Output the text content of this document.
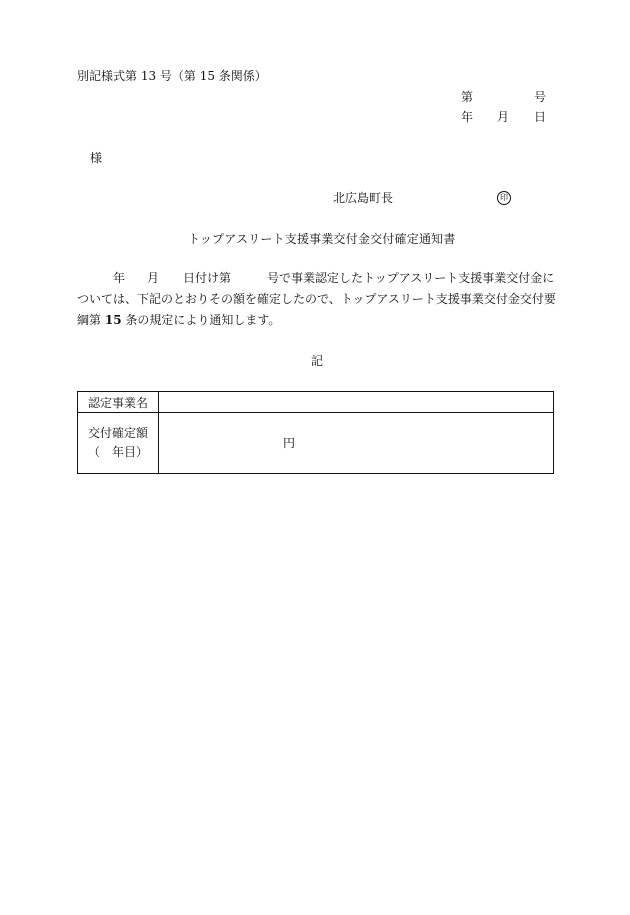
別記様式第 13 号（第 15 条関係）
第	号
年 月 日
様
北広島町長	印
トップアスリート支援事業交付金交付確定通知書
年 月 日付け第	号で事業認定したトップアスリート支援事業交付金に
ついては、下記のとおりその額を確定したので、トップアスリート支援事業交付金交付要
綱第 15 条の規定により通知します。
記
認定事業名	

交付確定額
（　年目）	円
